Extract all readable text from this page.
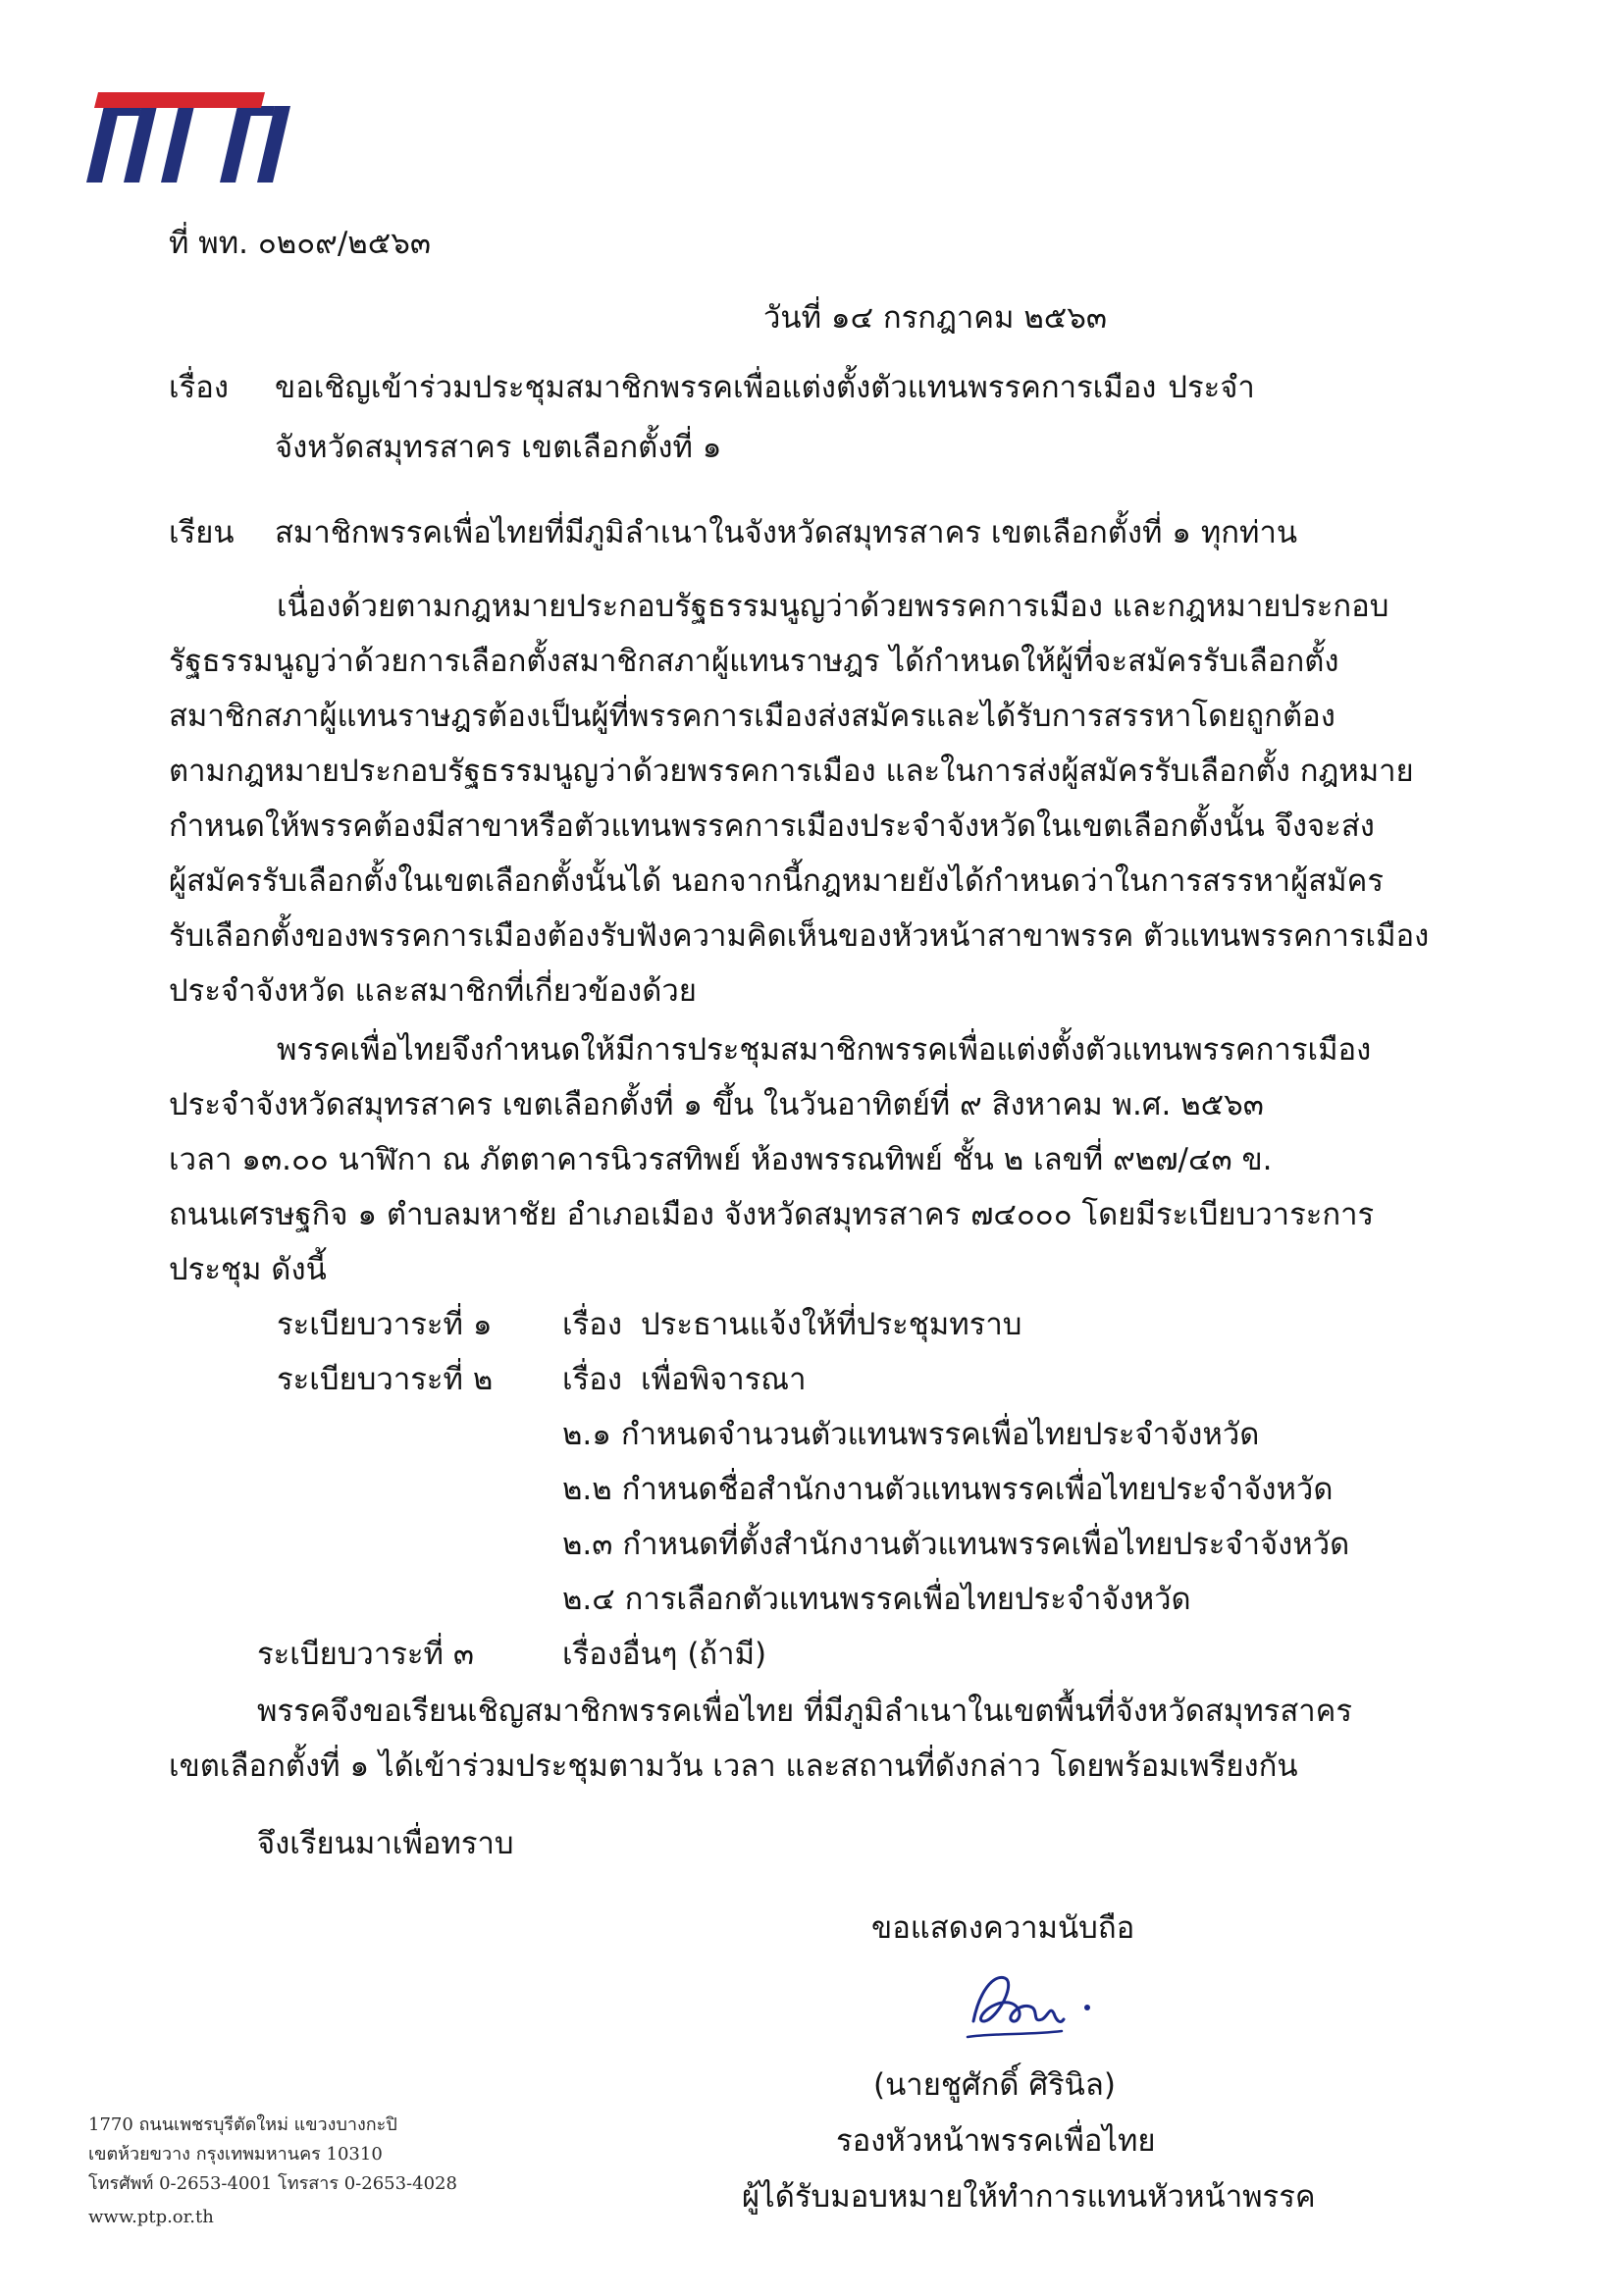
ที่ พท. ๐๒๐๙/๒๕๖๓
วันที่ ๑๔ กรกฎาคม ๒๕๖๓
เรื่อง ขอเชิญเข้าร่วมประชุมสมาชิกพรรคเพื่อแต่งตั้งตัวแทนพรรคการเมือง ประจำ
จังหวัดสมุทรสาคร เขตเลือกตั้งที่ ๑
เรียน สมาชิกพรรคเพื่อไทยที่มีภูมิลำเนาในจังหวัดสมุทรสาคร เขตเลือกตั้งที่ ๑ ทุกท่าน
เนื่องด้วยตามกฎหมายประกอบรัฐธรรมนูญว่าด้วยพรรคการเมือง และกฎหมายประกอบ
รัฐธรรมนูญว่าด้วยการเลือกตั้งสมาชิกสภาผู้แทนราษฎร ได้กำหนดให้ผู้ที่จะสมัครรับเลือกตั้ง
สมาชิกสภาผู้แทนราษฎรต้องเป็นผู้ที่พรรคการเมืองส่งสมัครและได้รับการสรรหาโดยถูกต้อง
ตามกฎหมายประกอบรัฐธรรมนูญว่าด้วยพรรคการเมือง และในการส่งผู้สมัครรับเลือกตั้ง กฎหมาย
กำหนดให้พรรคต้องมีสาขาหรือตัวแทนพรรคการเมืองประจำจังหวัดในเขตเลือกตั้งนั้น จึงจะส่ง
ผู้สมัครรับเลือกตั้งในเขตเลือกตั้งนั้นได้ นอกจากนี้กฎหมายยังได้กำหนดว่าในการสรรหาผู้สมัคร
รับเลือกตั้งของพรรคการเมืองต้องรับฟังความคิดเห็นของหัวหน้าสาขาพรรค ตัวแทนพรรคการเมือง
ประจำจังหวัด และสมาชิกที่เกี่ยวข้องด้วย
พรรคเพื่อไทยจึงกำหนดให้มีการประชุมสมาชิกพรรคเพื่อแต่งตั้งตัวแทนพรรคการเมือง
ประจำจังหวัดสมุทรสาคร เขตเลือกตั้งที่ ๑ ขึ้น ในวันอาทิตย์ที่ ๙ สิงหาคม พ.ศ. ๒๕๖๓
เวลา ๑๓.๐๐ นาฬิกา ณ ภัตตาคารนิวรสทิพย์ ห้องพรรณทิพย์ ชั้น ๒ เลขที่ ๙๒๗/๔๓ ข.
ถนนเศรษฐกิจ ๑ ตำบลมหาชัย อำเภอเมือง จังหวัดสมุทรสาคร ๗๔๐๐๐ โดยมีระเบียบวาระการ
ประชุม ดังนี้
ระเบียบวาระที่ ๑ เรื่อง ประธานแจ้งให้ที่ประชุมทราบ
ระเบียบวาระที่ ๒ เรื่อง เพื่อพิจารณา
๒.๑ กำหนดจำนวนตัวแทนพรรคเพื่อไทยประจำจังหวัด
๒.๒ กำหนดชื่อสำนักงานตัวแทนพรรคเพื่อไทยประจำจังหวัด
๒.๓ กำหนดที่ตั้งสำนักงานตัวแทนพรรคเพื่อไทยประจำจังหวัด
๒.๔ การเลือกตัวแทนพรรคเพื่อไทยประจำจังหวัด
ระเบียบวาระที่ ๓	เรื่องอื่นๆ (ถ้ามี)
พรรคจึงขอเรียนเชิญสมาชิกพรรคเพื่อไทย ที่มีภูมิลำเนาในเขตพื้นที่จังหวัดสมุทรสาคร
เขตเลือกตั้งที่ ๑ ได้เข้าร่วมประชุมตามวัน เวลา และสถานที่ดังกล่าว โดยพร้อมเพรียงกัน
จึงเรียนมาเพื่อทราบ
ขอแสดงความนับถือ
(นายชูศักดิ์ ศิรินิล)
รองหัวหน้าพรรคเพื่อไทย
ผู้ได้รับมอบหมายให้ทำการแทนหัวหน้าพรรค
1770 ถนนเพชรบุรีตัดใหม่ แขวงบางกะปิ
เขตห้วยขวาง กรุงเทพมหานคร 10310
โทรศัพท์ 0-2653-4001 โทรสาร 0-2653-4028
www.ptp.or.th
